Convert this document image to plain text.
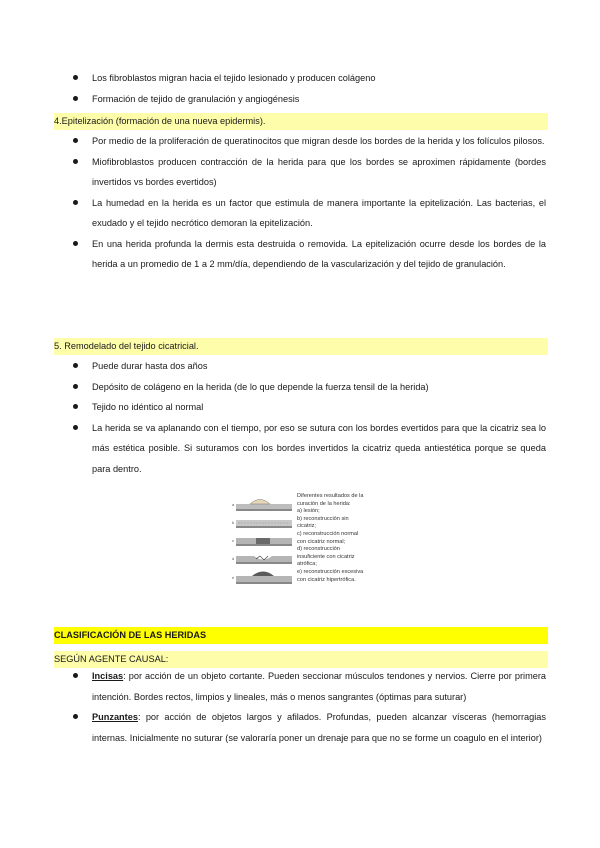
Los fibroblastos migran hacia el tejido lesionado y producen colágeno
Formación de tejido de granulación y angiogénesis
4.Epitelización (formación de una nueva epidermis).
Por medio de la proliferación de queratinocitos que migran desde los bordes de la herida y los folículos pilosos.
Miofibroblastos producen contracción de la herida para que los bordes se aproximen rápidamente (bordes invertidos vs bordes evertidos)
La humedad en la herida es un factor que estimula de manera importante la epitelización. Las bacterias, el exudado y el tejido necrótico demoran la epitelización.
En una herida profunda la dermis esta destruida o removida. La epitelización ocurre desde los bordes de la herida a un promedio de 1 a 2 mm/día, dependiendo de la vascularización y del tejido de granulación.
5. Remodelado del tejido cicatricial.
Puede durar hasta dos años
Depósito de colágeno en la herida (de lo que depende la fuerza tensil de la herida)
Tejido no idéntico al normal
La herida se va aplanando con el tiempo, por eso se sutura con los bordes evertidos para que la cicatriz sea lo más estética posible. Si suturamos con los bordes invertidos la cicatriz queda antiestética porque se queda para dentro.
a
b
c
d
e
Diferentes resultados de la
curación de la herida:
a) lesión;
b) reconstrucción sin
cicatriz;
c) reconstrucción normal
con cicatriz normal;
d) reconstrucción
insuficiente con cicatriz
atrófica;
e) reconstrucción excesiva
con cicatriz hipertrófica.
CLASIFICACIÓN DE LAS HERIDAS
SEGÚN AGENTE CAUSAL:
Incisas: por acción de un objeto cortante. Pueden seccionar músculos tendones y nervios. Cierre por primera intención. Bordes rectos, limpios y lineales, más o menos sangrantes (óptimas para suturar)
Punzantes: por acción de objetos largos y afilados. Profundas, pueden alcanzar vísceras (hemorragias internas. Inicialmente no suturar (se valoraría poner un drenaje para que no se forme un coagulo en el interior)
